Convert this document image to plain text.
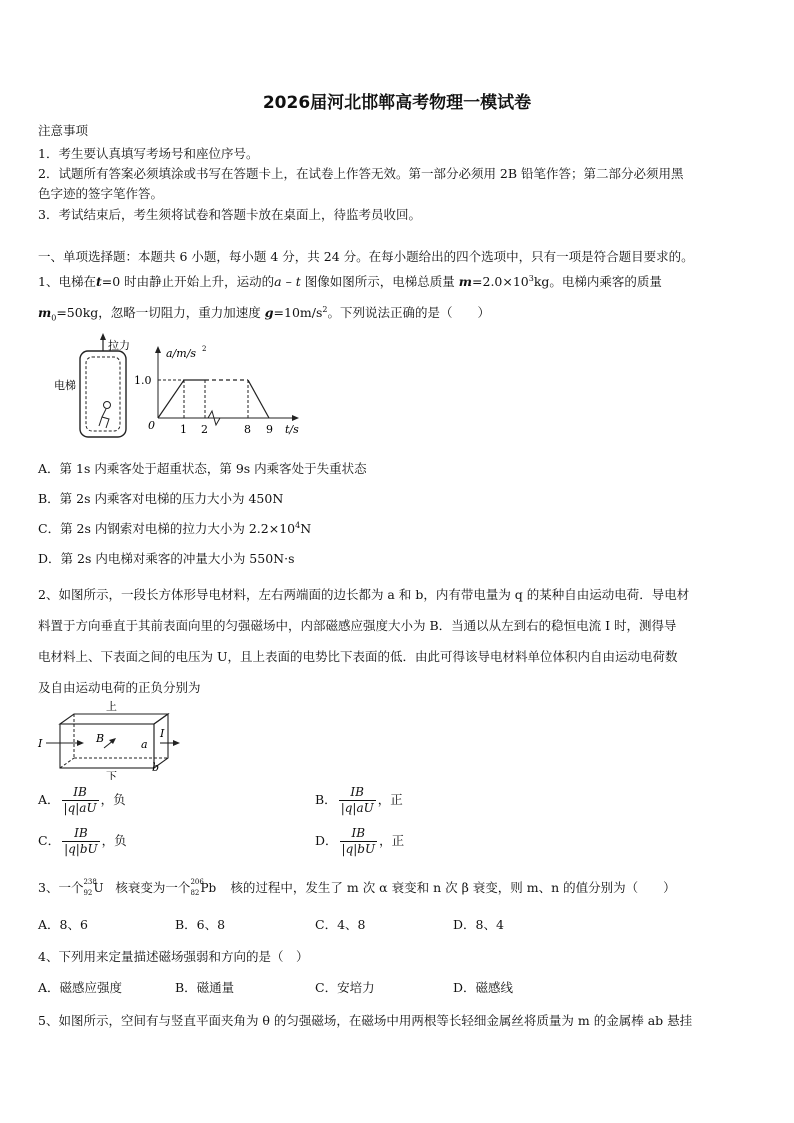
2026届河北邯郸高考物理一模试卷
注意事项
1．考生要认真填写考场号和座位序号。
2．试题所有答案必须填涂或书写在答题卡上，在试卷上作答无效。第一部分必须用 2B 铅笔作答；第二部分必须用黑
色字迹的签字笔作答。
3．考试结束后，考生须将试卷和答题卡放在桌面上，待监考员收回。
一、单项选择题：本题共 6 小题，每小题 4 分，共 24 分。在每小题给出的四个选项中，只有一项是符合题目要求的。
1、电梯在t=0 时由静止开始上升，运动的a – t 图像如图所示，电梯总质量 $m=2.0\times 10^3kg$。电梯内乘客的质量
$m_0=50kg$，忽略一切阻力，重力加速度 $g=10m/s^2$。下列说法正确的是（　　）
拉力
电梯
a/m/s 2
1.0
0 1 2	8 9 t/s
A．第 1s 内乘客处于超重状态，第 9s 内乘客处于失重状态
B．第 2s 内乘客对电梯的压力大小为 450N
C．第 2s 内钢索对电梯的拉力大小为 $2.2\times 10^4N$
D．第 2s 内电梯对乘客的冲量大小为 550N·s
2、如图所示，一段长方体形导电材料，左右两端面的边长都为 a 和 b，内有带电量为 q 的某种自由运动电荷．导电材
料置于方向垂直于其前表面向里的匀强磁场中，内部磁感应强度大小为 B．当通以从左到右的稳恒电流 I 时，测得导
电材料上、下表面之间的电压为 U，且上表面的电势比下表面的低．由此可得该导电材料单位体积内自由运动电荷数
及自由运动电荷的正负分别为
上
I
I
B	a
b
下
A． $\frac{IB}{|q|aU}$ ，负	B． $\frac{IB}{|q|aU}$ ，正
C． $\frac{IB}{|q|bU}$ ，负	D． $\frac{IB}{|q|bU}$ ，正
3、一个 238
92 U 核衰变为一个 206
82 Pb 核的过程中，发生了 m 次 α 衰变和 n 次 β 衰变，则 m、n 的值分别为（　　）
A．8、6	B．6、8	C．4、8	D．8、4
4、下列用来定量描述磁场强弱和方向的是（　）
A．磁感应强度	B．磁通量	C．安培力	D．磁感线
5、如图所示，空间有与竖直平面夹角为 θ 的匀强磁场，在磁场中用两根等长轻细金属丝将质量为 m 的金属棒 ab 悬挂
